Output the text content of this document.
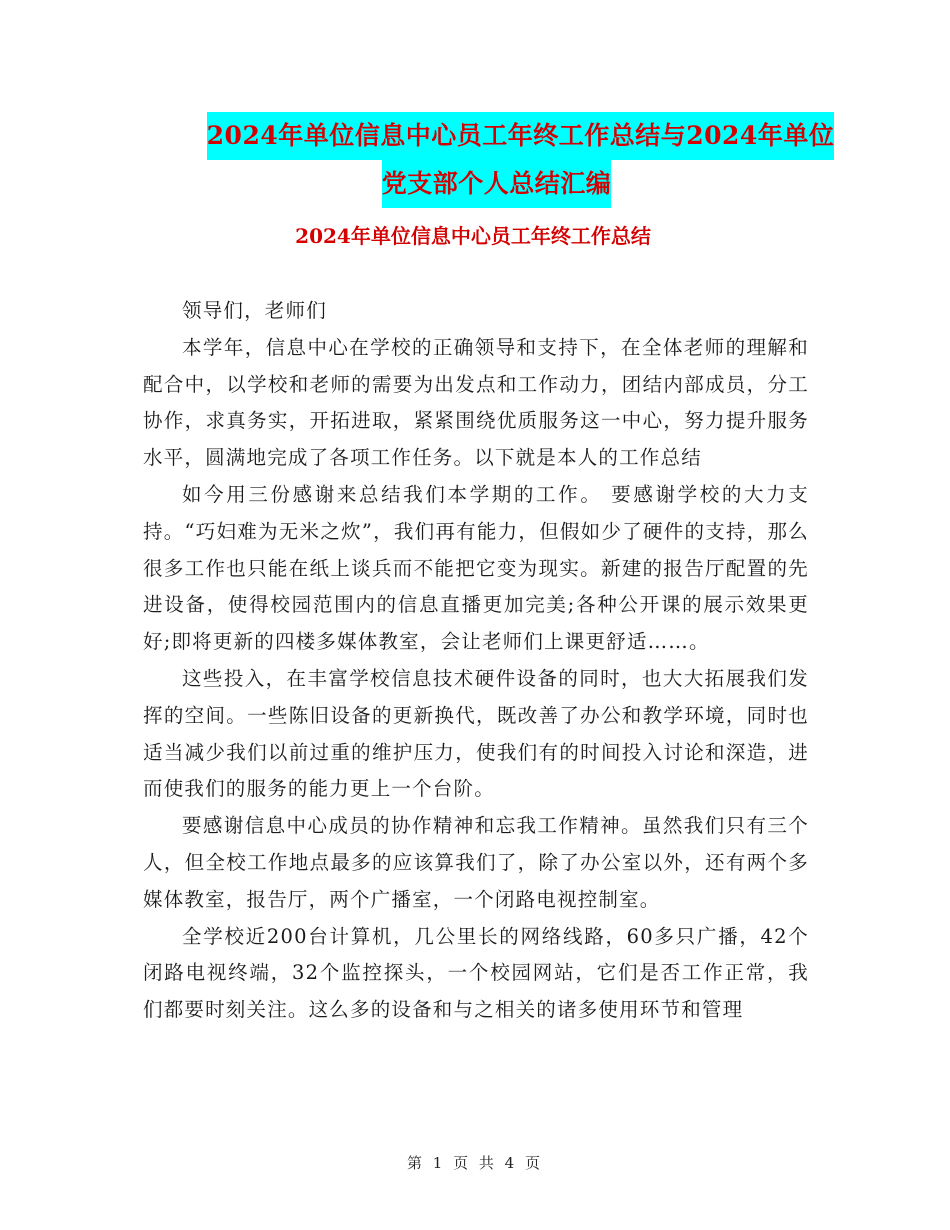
2024年单位信息中心员工年终工作总结与2024年单位
党支部个人总结汇编
2024年单位信息中心员工年终工作总结

领导们，老师们

本学年，信息中心在学校的正确领导和支持下，在全体老师的理解和配合中，以学校和老师的需要为出发点和工作动力，团结内部成员，分工协作，求真务实，开拓进取，紧紧围绕优质服务这一中心，努力提升服务水平，圆满地完成了各项工作任务。以下就是本人的工作总结

如今用三份感谢来总结我们本学期的工作。 要感谢学校的大力支持。“巧妇难为无米之炊”，我们再有能力，但假如少了硬件的支持，那么很多工作也只能在纸上谈兵而不能把它变为现实。新建的报告厅配置的先进设备，使得校园范围内的信息直播更加完美;各种公开课的展示效果更好;即将更新的四楼多媒体教室，会让老师们上课更舒适……。

这些投入，在丰富学校信息技术硬件设备的同时，也大大拓展我们发挥的空间。一些陈旧设备的更新换代，既改善了办公和教学环境，同时也适当减少我们以前过重的维护压力，使我们有的时间投入讨论和深造，进而使我们的服务的能力更上一个台阶。

要感谢信息中心成员的协作精神和忘我工作精神。虽然我们只有三个人，但全校工作地点最多的应该算我们了，除了办公室以外，还有两个多媒体教室，报告厅，两个广播室，一个闭路电视控制室。

全学校近200台计算机，几公里长的网络线路，60多只广播，42个闭路电视终端，32个监控探头，一个校园网站，它们是否工作正常，我们都要时刻关注。这么多的设备和与之相关的诸多使用环节和管理

第 1 页 共 4 页
